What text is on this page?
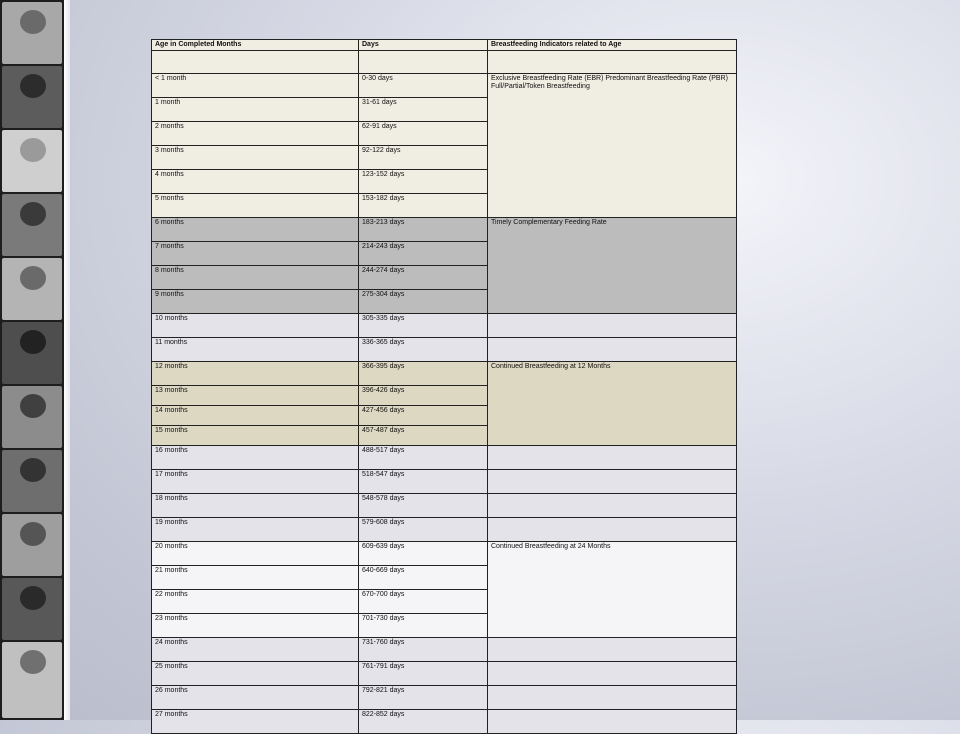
Age in Completed Months	Days	Breastfeeding Indicators related to Age

< 1 month	0-30 days	Exclusive Breastfeeding Rate (EBR) Predominant Breastfeeding Rate (PBR) Full/Partial/Token Breastfeeding
1 month	31-61 days	
2 months	62-91 days	
3 months	92-122 days	
4 months	123-152 days	
5 months	153-182 days	
6 months	183-213 days	Timely Complementary Feeding Rate
7 months	214-243 days	
8 months	244-274 days	
9 months	275-304 days	
10 months	305-335 days	
11 months	336-365 days	
12 months	366-395 days	Continued Breastfeeding at 12 Months
13 months	396-426 days	
14 months	427-456 days	
15 months	457-487 days	
16 months	488-517 days	
17 months	518-547 days	
18 months	548-578 days	
19 months	579-608 days	
20 months	609-639 days	Continued Breastfeeding at 24 Months
21 months	640-669 days	
22 months	670-700 days	
23 months	701-730 days	
24 months	731-760 days	
25 months	761-791 days	
26 months	792-821 days	
27 months	822-852 days	
